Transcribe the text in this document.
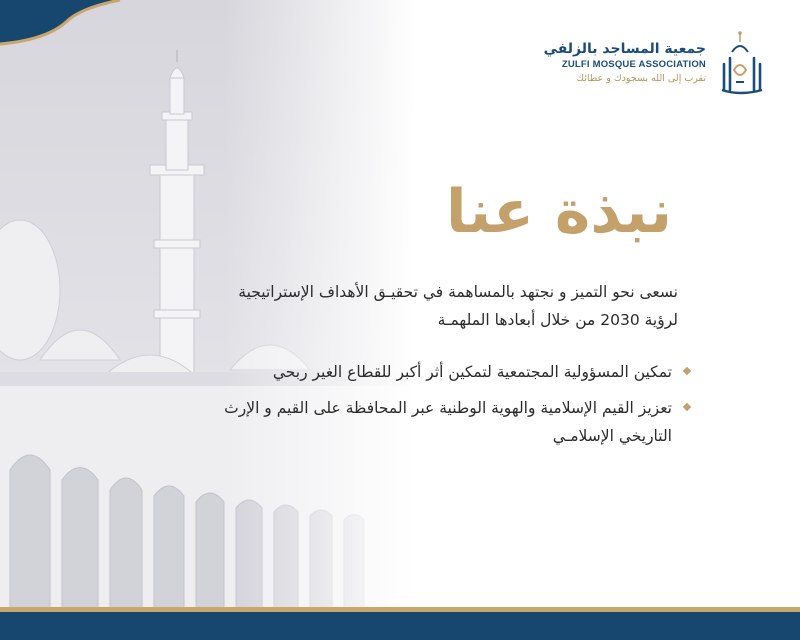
جمعية المساجد بالزلفي
ZULFI MOSQUE ASSOCIATION
تقرب إلى الله بسجودك و عطائك
نبذة عنا
نسعى نحو التميز و نجتهد بالمساهمة في تحقيـق الأهداف الإستراتيجية لرؤية 2030 من خلال أبعادها الملهمـة
تمكين المسؤولية المجتمعية لتمكين أثر أكبر للقطاع الغير ربحي
تعزيز القيم الإسلامية والهوية الوطنية عبر المحافظة على القيم و الإرث التاريخي الإسلامـي
